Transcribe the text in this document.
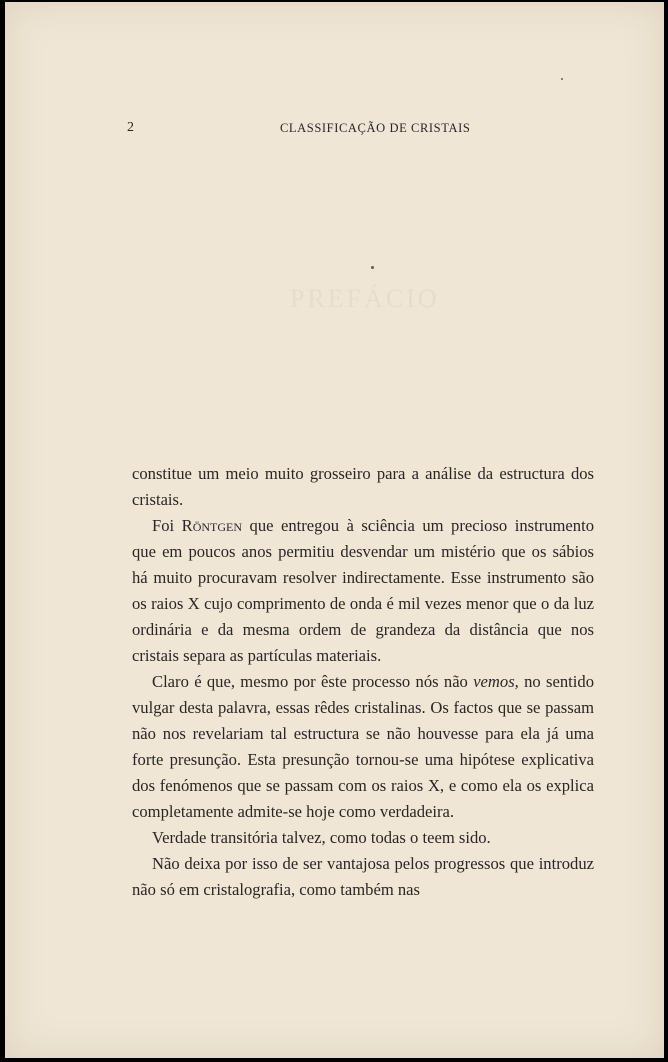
PREFÁCIO
2	CLASSIFICAÇÃO DE CRISTAIS

constitue um meio muito grosseiro para a análise da estructura dos cristais.

Foi Röntgen que entregou à sciência um precioso instrumento que em poucos anos permitiu desvendar um mistério que os sábios há muito procuravam resolver indirectamente. Esse instrumento são os raios X cujo comprimento de onda é mil vezes menor que o da luz ordinária e da mesma ordem de grandeza da distância que nos cristais separa as partículas materiais.

Claro é que, mesmo por êste processo nós não vemos, no sentido vulgar desta palavra, essas rêdes cristalinas. Os factos que se passam não nos revelariam tal estructura se não houvesse para ela já uma forte presunção. Esta presunção tornou-se uma hipótese explicativa dos fenómenos que se passam com os raios X, e como ela os explica completamente admite-se hoje como verdadeira.

Verdade transitória talvez, como todas o teem sido.

Não deixa por isso de ser vantajosa pelos progressos que introduz não só em cristalografia, como também nas
